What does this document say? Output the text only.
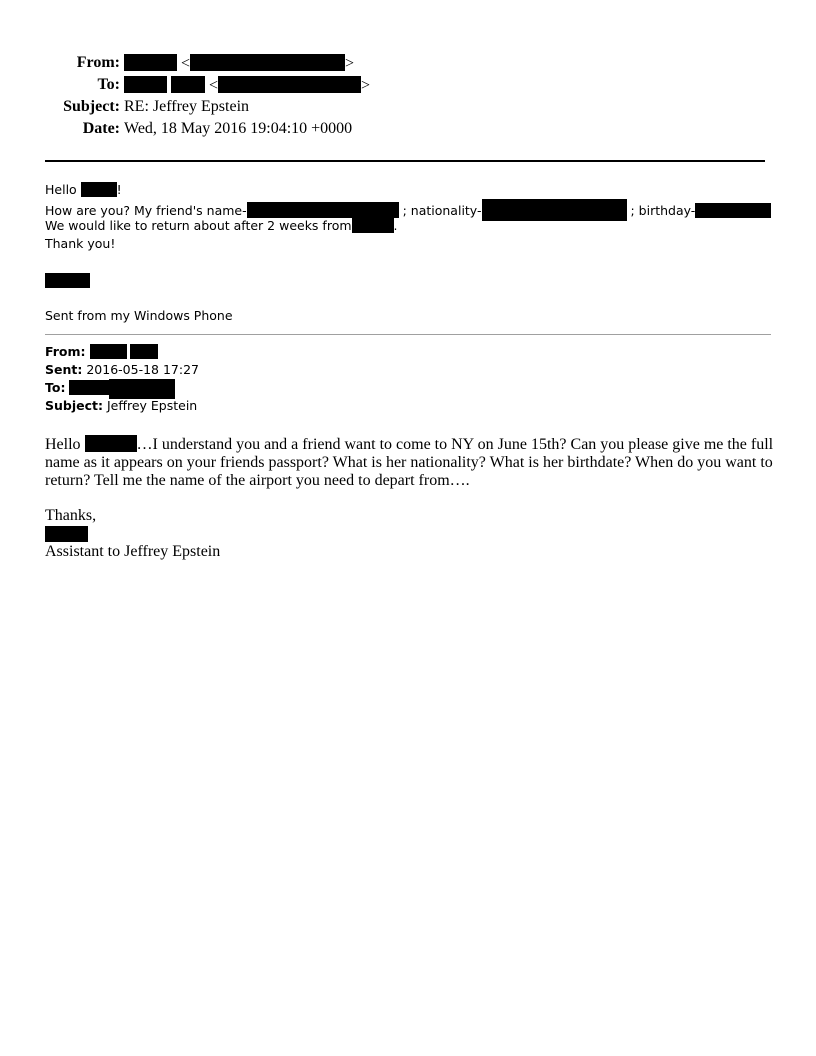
From:	<	>
To:	<	>
Subject: RE: Jeffrey Epstein
Date: Wed, 18 May 2016 19:04:10 +0000
Hello	!
How are you? My friend's name-	; nationality-	; birthday-
We would like to return about after 2 weeks from	.
Thank you!
Sent from my Windows Phone
From:
Sent: 2016-05-18 17:27
To:
Subject: Jeffrey Epstein
Hello	…I understand you and a friend want to come to NY on June 15th? Can you please give me the full name as it appears on your friends passport? What is her nationality? What is her birthdate? When do you want to return? Tell me the name of the airport you need to depart from….
Thanks,
Assistant to Jeffrey Epstein
